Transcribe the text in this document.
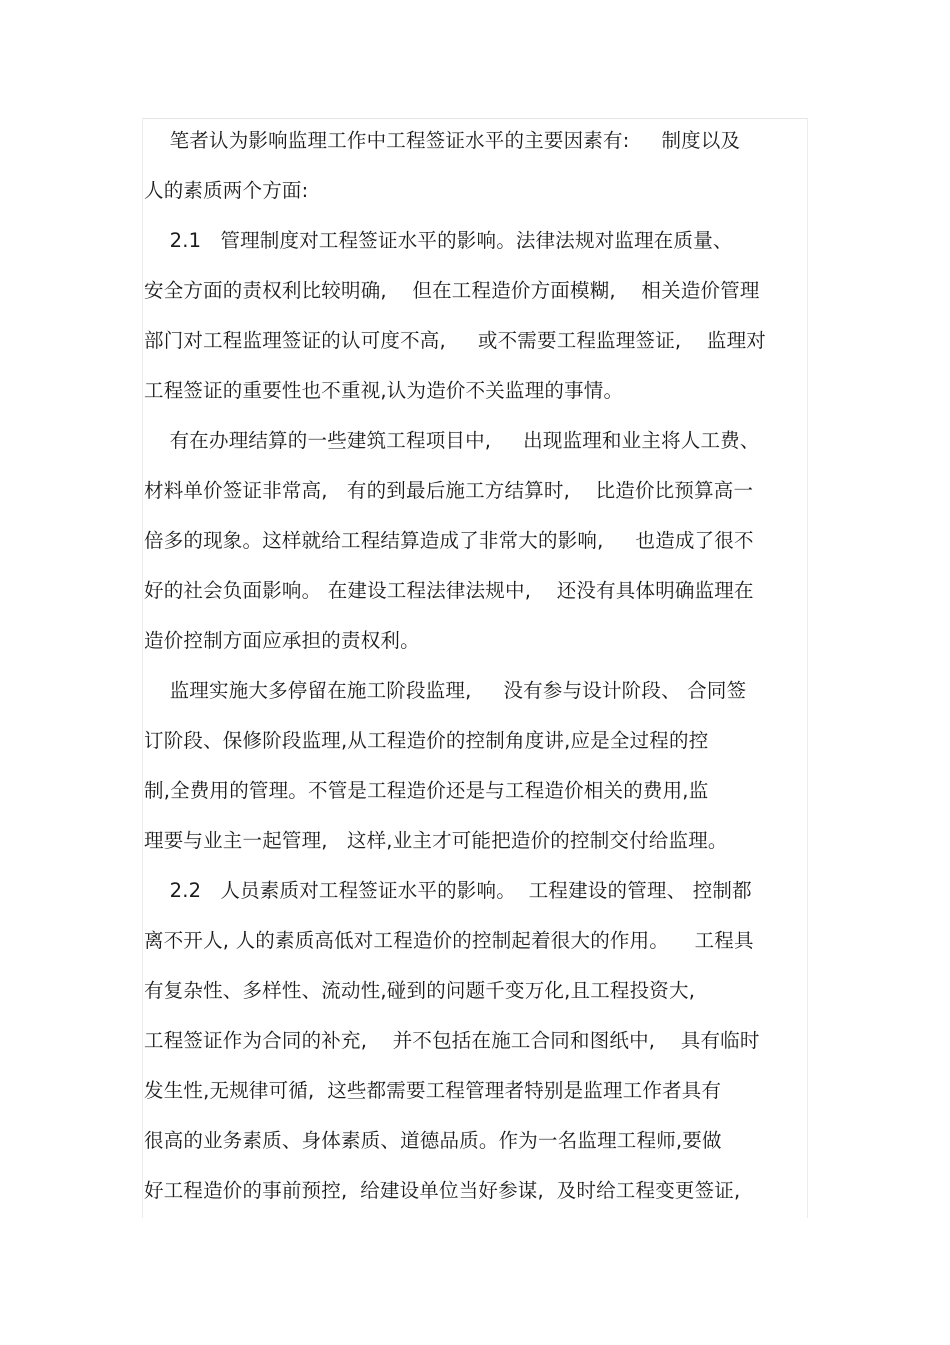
笔者认为影响监理工作中工程签证水平的主要因素有:     制度以及
人的素质两个方面:
2.1   管理制度对工程签证水平的影响。法律法规对监理在质量、
安全方面的责权利比较明确,    但在工程造价方面模糊,    相关造价管理
部门对工程监理签证的认可度不高,     或不需要工程监理签证,    监理对
工程签证的重要性也不重视,认为造价不关监理的事情。
有在办理结算的一些建筑工程项目中,     出现监理和业主将人工费、
材料单价签证非常高,   有的到最后施工方结算时,    比造价比预算高一
倍多的现象。这样就给工程结算造成了非常大的影响,     也造成了很不
好的社会负面影响。 在建设工程法律法规中,    还没有具体明确监理在
造价控制方面应承担的责权利。
监理实施大多停留在施工阶段监理,     没有参与设计阶段、 合同签
订阶段、保修阶段监理,从工程造价的控制角度讲,应是全过程的控
制,全费用的管理。不管是工程造价还是与工程造价相关的费用,监
理要与业主一起管理,   这样,业主才可能把造价的控制交付给监理。
2.2   人员素质对工程签证水平的影响。  工程建设的管理、 控制都
离不开人, 人的素质高低对工程造价的控制起着很大的作用。    工程具
有复杂性、多样性、流动性,碰到的问题千变万化,且工程投资大,
工程签证作为合同的补充,    并不包括在施工合同和图纸中,    具有临时
发生性,无规律可循,  这些都需要工程管理者特别是监理工作者具有
很高的业务素质、身体素质、道德品质。作为一名监理工程师,要做
好工程造价的事前预控,  给建设单位当好参谋,  及时给工程变更签证,
